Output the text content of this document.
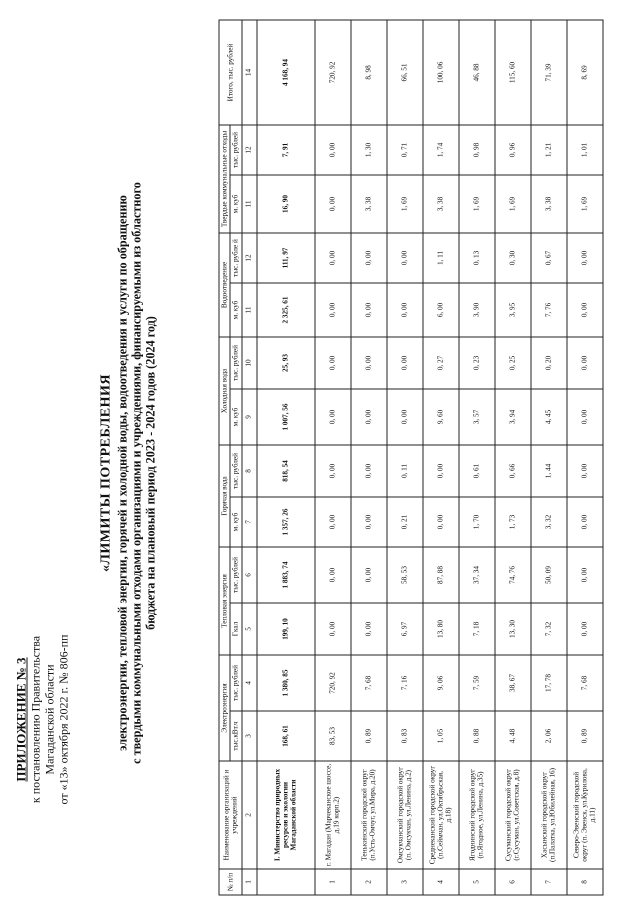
ПРИЛОЖЕНИЕ № 3 к постановлению Правительства Магаданской области от «13» октября 2022 г. № 806-пп
«ЛИМИТЫ ПОТРЕБЛЕНИЯ электроэнергии, тепловой энергии, горячей и холодной воды, водоотведения и услуги по обращению с твердыми коммунальными отходами организациями и учреждениями, финансируемыми из областного бюджета на плановый период 2023 - 2024 годов (2024 год)
№ п/п	Наименование организаций и учреждений	Электроэнергия		Тепловая энергия		Горячая вода		Холодная вода		Водоотведение		Твердые коммунальные отходы		Итого, тыс. рублей
		тыс.кВт.ч	тыс. рублей	Гкал	тыс. рублей	м. куб	тыс. рублей	м. куб	тыс. рублей	м. куб	тыс. рубле й	м. куб	тыс. рублей	
1	2	3	4	5	6	7	8	9	10	11	12	11	12	14
	I. Министерство природных ресурсов и экологии Магаданской области	168, 61	1 380, 85	199, 10	1 883, 74	1 357, 26	818, 54	1 007, 56	25, 93	2 325, 61	111, 97	16, 90	7, 91	4 168, 94
1	г. Магадан (Марчеканское шоссе, д.19 корп.2)	83, 53	720, 92	0, 00	0, 00	0, 00	0, 00	0, 00	0, 00	0, 00	0, 00	0, 00	0, 00	720, 92
2	Тенькинский городской округ (п.Усть-Омчуг, ул.Мира, д.20)	0, 89	7, 68	0, 00	0, 00	0, 00	0, 00	0, 00	0, 00	0, 00	0, 00	3, 38	1, 30	8, 98
3	Омсукчанский городской округ (п. Омсукчан, ул.Ленина, д.2)	0, 83	7, 16	6, 97	58, 53	0, 21	0, 11	0, 00	0, 00	0, 00	0, 00	1, 69	0, 71	66, 51
4	Среднеканский городской округ (п.Сеймчан, ул.Октябрьская, д.18)	1, 05	9, 06	13, 80	87, 88	0, 00	0, 00	9, 60	0, 27	6, 00	1, 11	3, 38	1, 74	100, 06
5	Ягоднинский городской округ (п.Ягодное, ул.Ленина, д.35)	0, 88	7, 59	7, 18	37, 34	1, 70	0, 61	3, 57	0, 23	3, 90	0, 13	1, 69	0, 98	46, 88
6	Сусуманский городской округ (г.Сусуман, ул.Советская, д.8)	4, 48	38, 67	13, 30	74, 76	1, 73	0, 66	3, 94	0, 25	3, 95	0, 30	1, 69	0, 96	115, 60
7	Хасынский городской округ (п.Палатка, ул.Юбилейная, 16)	2, 06	17, 78	7, 32	50, 09	3, 32	1, 44	4, 45	0, 20	7, 76	0, 67	3, 38	1, 21	71, 39
8	Северо-Эвенский городской округ (п. Эвенск, ул.Курилова, д.11)	0, 89	7, 68	0, 00	0, 00	0, 00	0, 00	0, 00	0, 00	0, 00	0, 00	1, 69	1, 01	8, 69
